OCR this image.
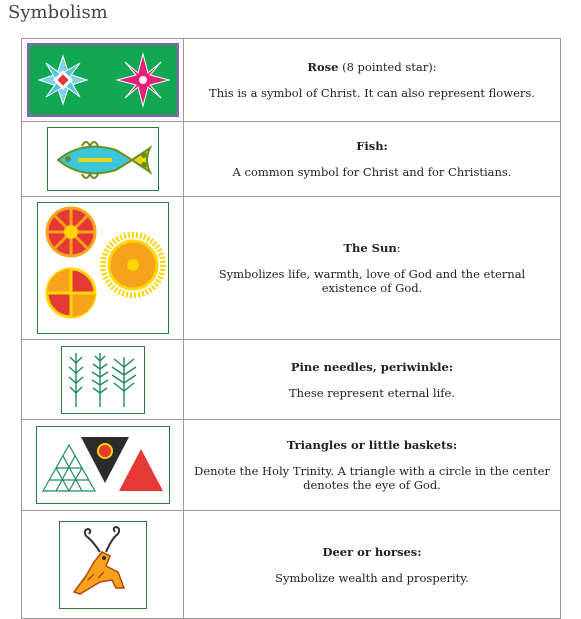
Symbolism

Rose (8 pointed star):

This is a symbol of Christ. It can also represent flowers.

Fish:

A common symbol for Christ and for Christians.

The Sun:

Symbolizes life, warmth, love of God and the eternal existence of God.

Pine needles, periwinkle:

These represent eternal life.

Triangles or little baskets:

Denote the Holy Trinity. A triangle with a circle in the center denotes the eye of God.

Deer or horses:

Symbolize wealth and prosperity.
